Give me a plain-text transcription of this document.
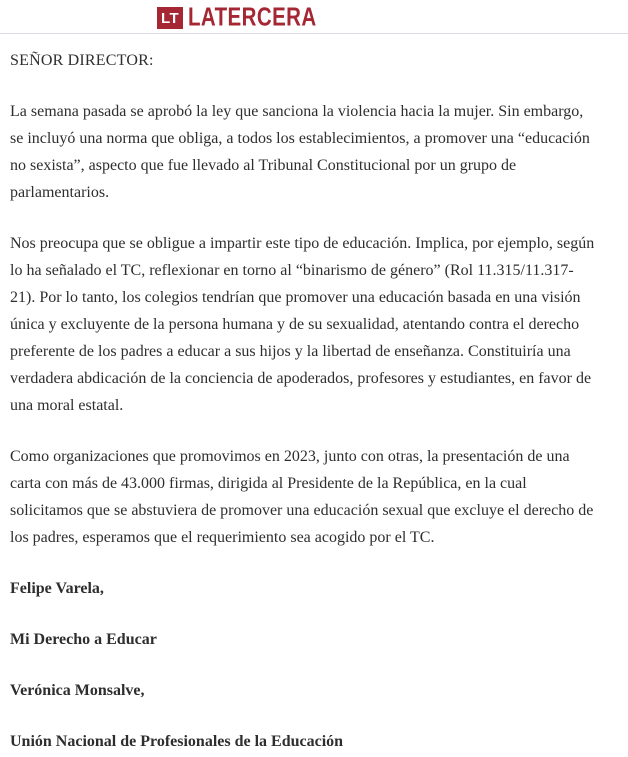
LT LATERCERA

SEÑOR DIRECTOR:

La semana pasada se aprobó la ley que sanciona la violencia hacia la mujer. Sin embargo, se incluyó una norma que obliga, a todos los establecimientos, a promover una “educación no sexista”, aspecto que fue llevado al Tribunal Constitucional por un grupo de parlamentarios.

Nos preocupa que se obligue a impartir este tipo de educación. Implica, por ejemplo, según lo ha señalado el TC, reflexionar en torno al “binarismo de género” (Rol 11.315/11.317-21). Por lo tanto, los colegios tendrían que promover una educación basada en una visión única y excluyente de la persona humana y de su sexualidad, atentando contra el derecho preferente de los padres a educar a sus hijos y la libertad de enseñanza. Constituiría una verdadera abdicación de la conciencia de apoderados, profesores y estudiantes, en favor de una moral estatal.

Como organizaciones que promovimos en 2023, junto con otras, la presentación de una carta con más de 43.000 firmas, dirigida al Presidente de la República, en la cual solicitamos que se abstuviera de promover una educación sexual que excluye el derecho de los padres, esperamos que el requerimiento sea acogido por el TC.

Felipe Varela,

Mi Derecho a Educar

Verónica Monsalve,

Unión Nacional de Profesionales de la Educación
